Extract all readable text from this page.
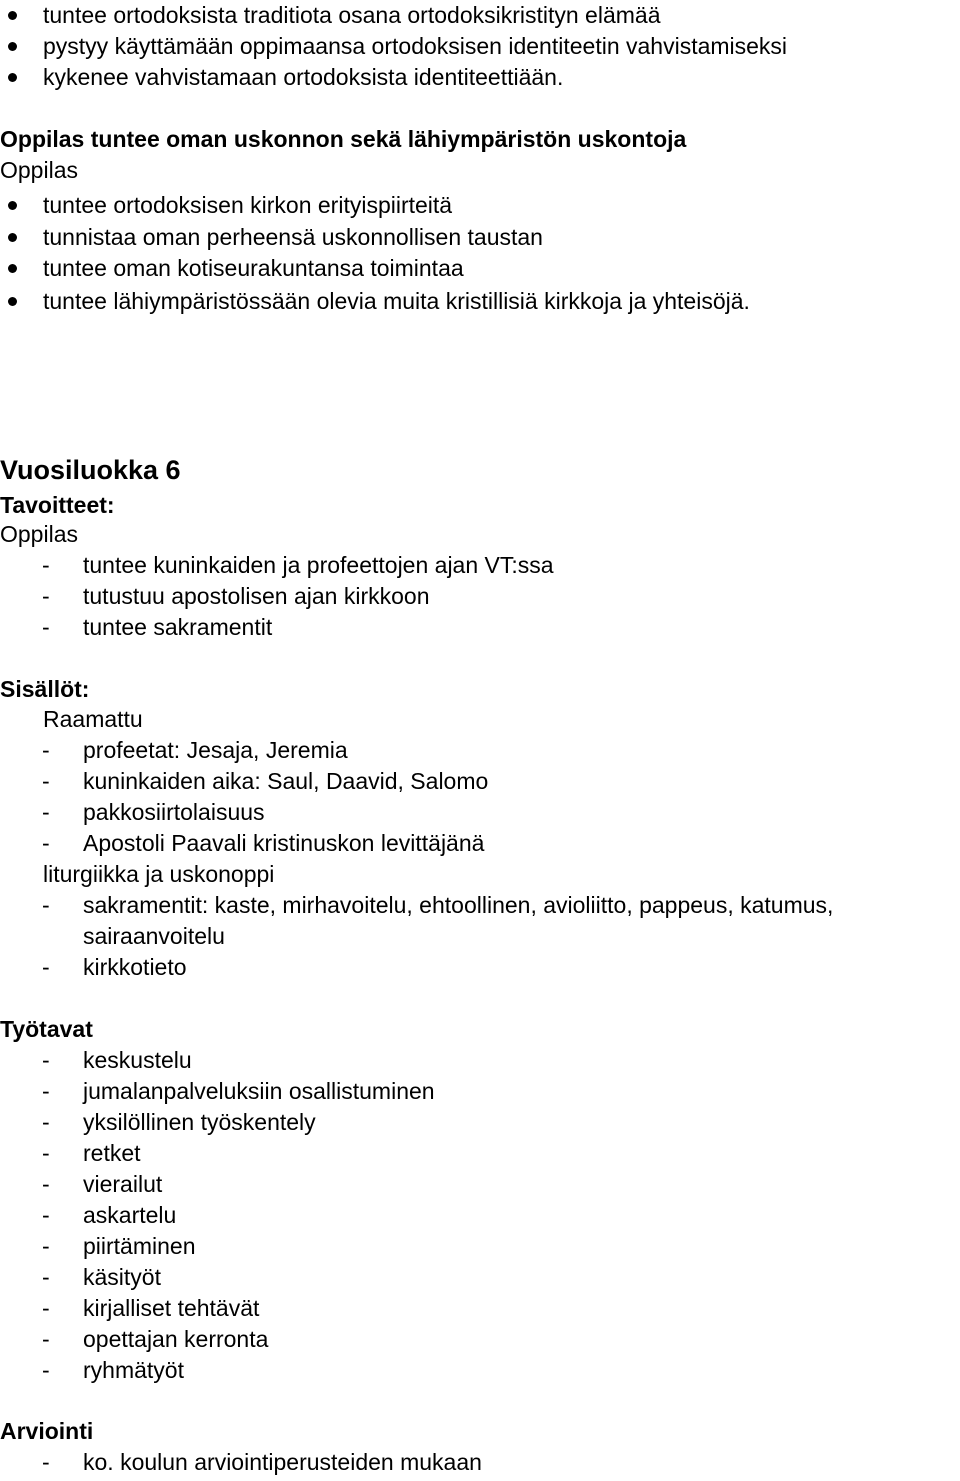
tuntee ortodoksista traditiota osana ortodoksikristityn elämää
pystyy käyttämään oppimaansa ortodoksisen identiteetin vahvistamiseksi
kykenee vahvistamaan ortodoksista identiteettiään.
Oppilas tuntee oman uskonnon sekä lähiympäristön uskontoja
Oppilas
tuntee ortodoksisen kirkon erityispiirteitä
tunnistaa oman perheensä uskonnollisen taustan
tuntee oman kotiseurakuntansa toimintaa
tuntee lähiympäristössään olevia muita kristillisiä kirkkoja ja yhteisöjä.
Vuosiluokka 6
Tavoitteet:
Oppilas
- tuntee kuninkaiden ja profeettojen ajan VT:ssa
- tutustuu apostolisen ajan kirkkoon
- tuntee sakramentit
Sisällöt:
Raamattu
- profeetat: Jesaja, Jeremia
- kuninkaiden aika: Saul, Daavid, Salomo
- pakkosiirtolaisuus
- Apostoli Paavali kristinuskon levittäjänä
liturgiikka ja uskonoppi
- sakramentit: kaste, mirhavoitelu, ehtoollinen, avioliitto, pappeus, katumus,
sairaanvoitelu
- kirkkotieto
Työtavat
- keskustelu
- jumalanpalveluksiin osallistuminen
- yksilöllinen työskentely
- retket
- vierailut
- askartelu
- piirtäminen
- käsityöt
- kirjalliset tehtävät
- opettajan kerronta
- ryhmätyöt
Arviointi
- ko. koulun arviointiperusteiden mukaan
